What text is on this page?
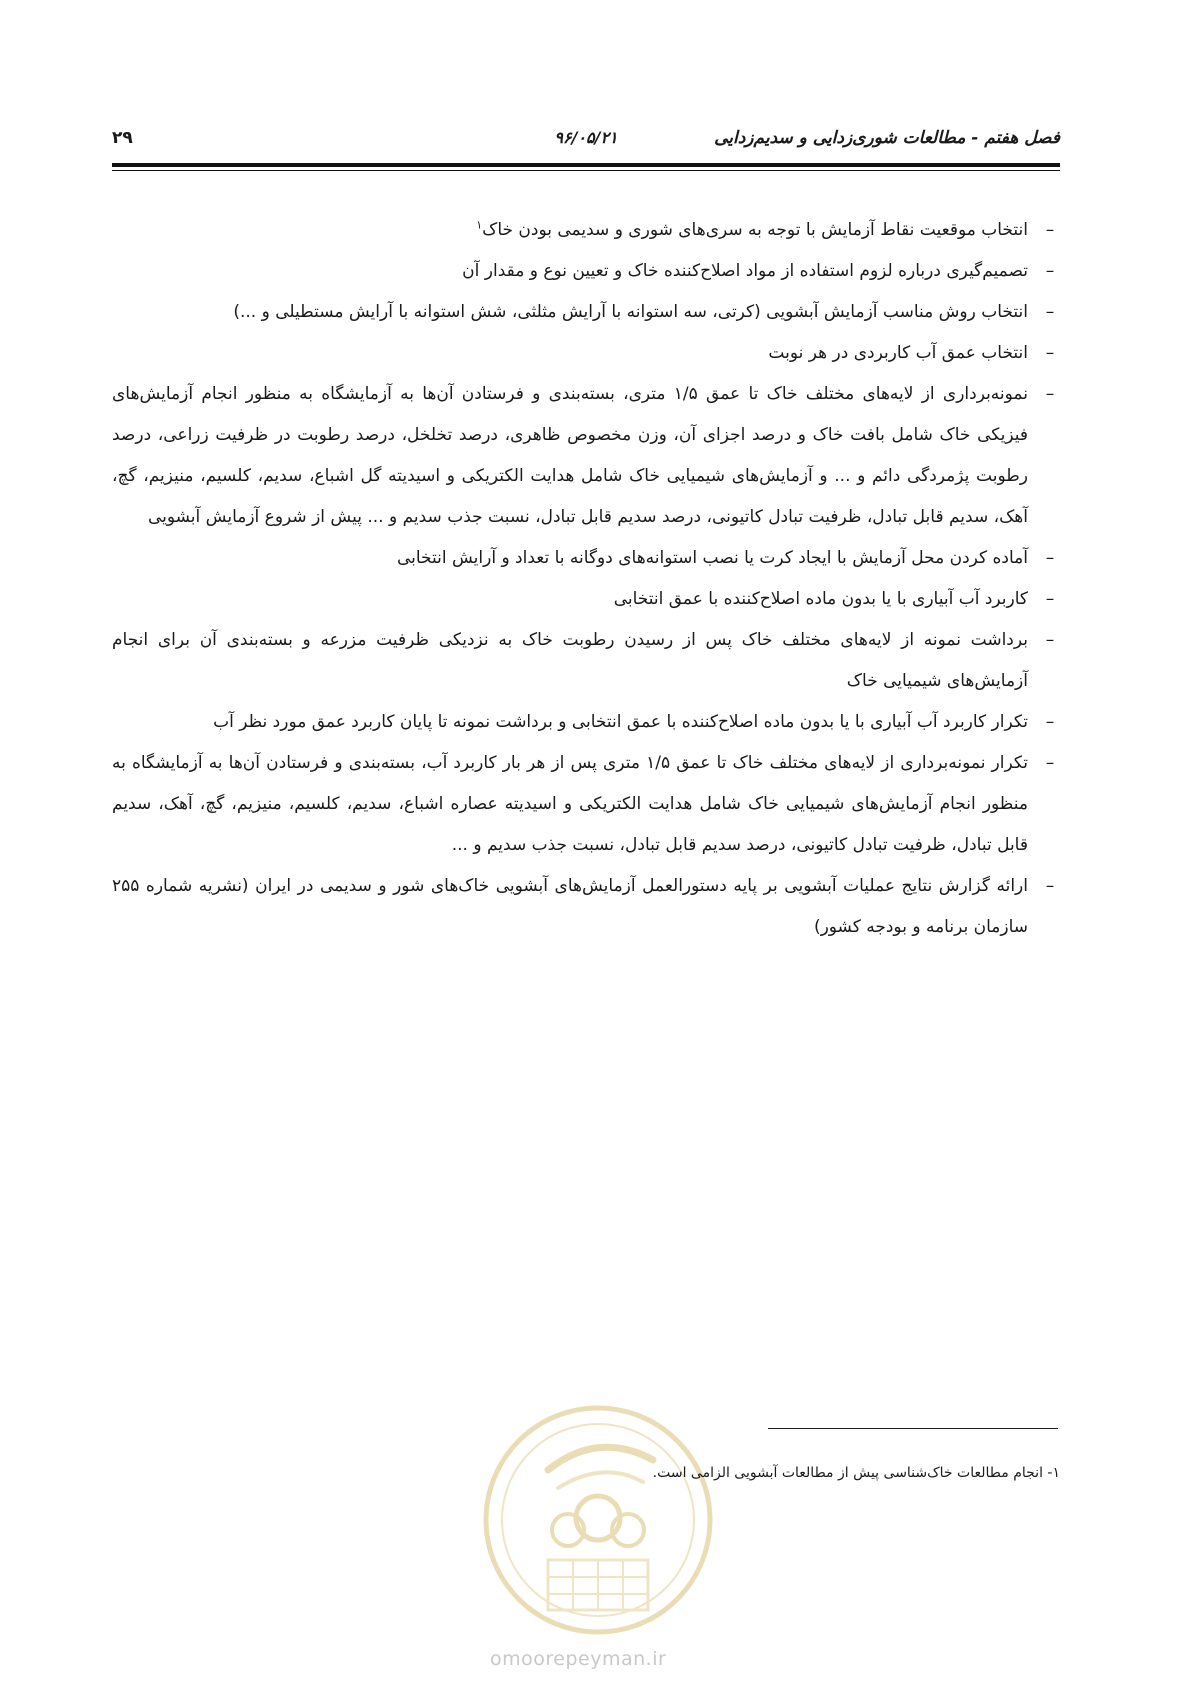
فصل هفتم - مطالعات شوری‌زدایی و سدیم‌زدایی
۹۶/۰۵/۲۱
۲۹

–
انتخاب موقعیت نقاط آزمایش با توجه به سری‌های شوری و سدیمی بودن خاک$^۱$

–
تصمیم‌گیری درباره لزوم استفاده از مواد اصلاح‌کننده خاک و تعیین نوع و مقدار آن

–
انتخاب روش مناسب آزمایش آبشویی (کرتی، سه استوانه با آرایش مثلثی، شش استوانه با آرایش مستطیلی و ...)

–
انتخاب عمق آب کاربردی در هر نوبت

–
نمونه‌برداری از لایه‌های مختلف خاک تا عمق ۱/۵ متری، بسته‌بندی و فرستادن آن‌ها به آزمایشگاه به منظور انجام آزمایش‌های فیزیکی خاک شامل بافت خاک و درصد اجزای آن، وزن مخصوص ظاهری، درصد تخلخل، درصد رطوبت در ظرفیت زراعی، درصد رطوبت پژمردگی دائم و ... و آزمایش‌های شیمیایی خاک شامل هدایت الکتریکی و اسیدیته گل اشباع، سدیم، کلسیم، منیزیم، گچ، آهک، سدیم قابل تبادل، ظرفیت تبادل کاتیونی، درصد سدیم قابل تبادل، نسبت جذب سدیم و ... پیش از شروع آزمایش آبشویی

–
آماده کردن محل آزمایش با ایجاد کرت یا نصب استوانه‌های دوگانه با تعداد و آرایش انتخابی

–
کاربرد آب آبیاری با یا بدون ماده اصلاح‌کننده با عمق انتخابی

–
برداشت نمونه از لایه‌های مختلف خاک پس از رسیدن رطوبت خاک به نزدیکی ظرفیت مزرعه و بسته‌بندی آن برای انجام آزمایش‌های شیمیایی خاک

–
تکرار کاربرد آب آبیاری با یا بدون ماده اصلاح‌کننده با عمق انتخابی و برداشت نمونه تا پایان کاربرد عمق مورد نظر آب

–
تکرار نمونه‌برداری از لایه‌های مختلف خاک تا عمق ۱/۵ متری پس از هر بار کاربرد آب، بسته‌بندی و فرستادن آن‌ها به آزمایشگاه به منظور انجام آزمایش‌های شیمیایی خاک شامل هدایت الکتریکی و اسیدیته عصاره اشباع، سدیم، کلسیم، منیزیم، گچ، آهک، سدیم قابل تبادل، ظرفیت تبادل کاتیونی، درصد سدیم قابل تبادل، نسبت جذب سدیم و ...

–
ارائه گزارش نتایج عملیات آبشویی بر پایه دستورالعمل آزمایش‌های آبشویی خاک‌های شور و سدیمی در ایران (نشریه شماره ۲۵۵ سازمان برنامه و بودجه کشور)

omoorepeyman.ir
۱- انجام مطالعات خاک‌شناسی پیش از مطالعات آبشویی الزامی است.
